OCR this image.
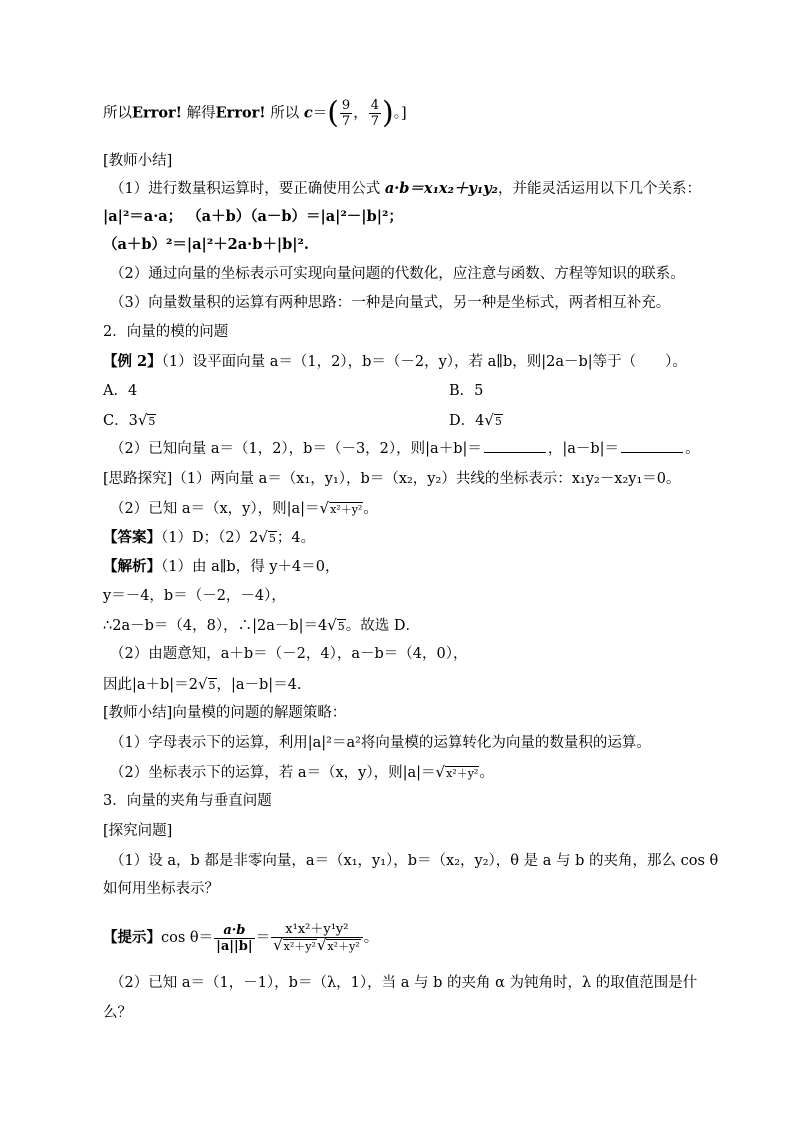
所以Error! 解得Error! 所以 $c=( \frac{9}{7}$ ， $\frac{4}{7}$ )。]
[教师小结]
（1）进行数量积运算时，要正确使用公式 a·b＝x₁x₂＋y₁y₂，并能灵活运用以下几个关系：
|a|²＝a·a； （a＋b）（a－b）＝|a|²－|b|²；
（a＋b）²＝|a|²＋2a·b＋|b|².
（2）通过向量的坐标表示可实现向量问题的代数化，应注意与函数、方程等知识的联系。
（3）向量数量积的运算有两种思路：一种是向量式，另一种是坐标式，两者相互补充。
2．向量的模的问题
【例 2】（1）设平面向量 a＝（1，2），b＝（－2，y），若 a∥b，则|2a－b|等于（　　）。
A．4	B．5
C．3√5	D．4√5
（2）已知向量 a＝（1，2），b＝（－3，2），则|a＋b|＝	，|a－b|＝	。
[思路探究]（1）两向量 a＝（x₁，y₁），b＝（x₂，y₂）共线的坐标表示：x₁y₂－x₂y₁＝0。
（2）已知 a＝（x，y），则|a|＝√x²＋y²。
【答案】（1）D；（2）2√5；4。
【解析】（1）由 a∥b，得 y＋4＝0，
y＝－4，b＝（－2，－4），
∴2a－b＝（4，8），∴|2a－b|＝4√5。故选 D．
（2）由题意知，a＋b＝（－2，4），a－b＝（4，0），
因此|a＋b|＝2√5，|a－b|＝4.
[教师小结]向量模的问题的解题策略：
（1）字母表示下的运算，利用|a|²＝a²将向量模的运算转化为向量的数量积的运算。
（2）坐标表示下的运算，若 a＝（x，y），则|a|＝√x²＋y²。
3．向量的夹角与垂直问题
[探究问题]
（1）设 a，b 都是非零向量，a＝（x₁，y₁），b＝（x₂，y₂），θ 是 a 与 b 的夹角，那么 cos θ
如何用坐标表示？
【提示】$\cos \theta= \frac{a\cdot b}{|a||b|} = \frac{\text{x¹x²＋y¹y²}}{\text{√x²＋y²√x²＋y²}}$ 。
（2）已知 a＝（1，－1），b＝（λ，1），当 a 与 b 的夹角 α 为钝角时，λ 的取值范围是什
么？
